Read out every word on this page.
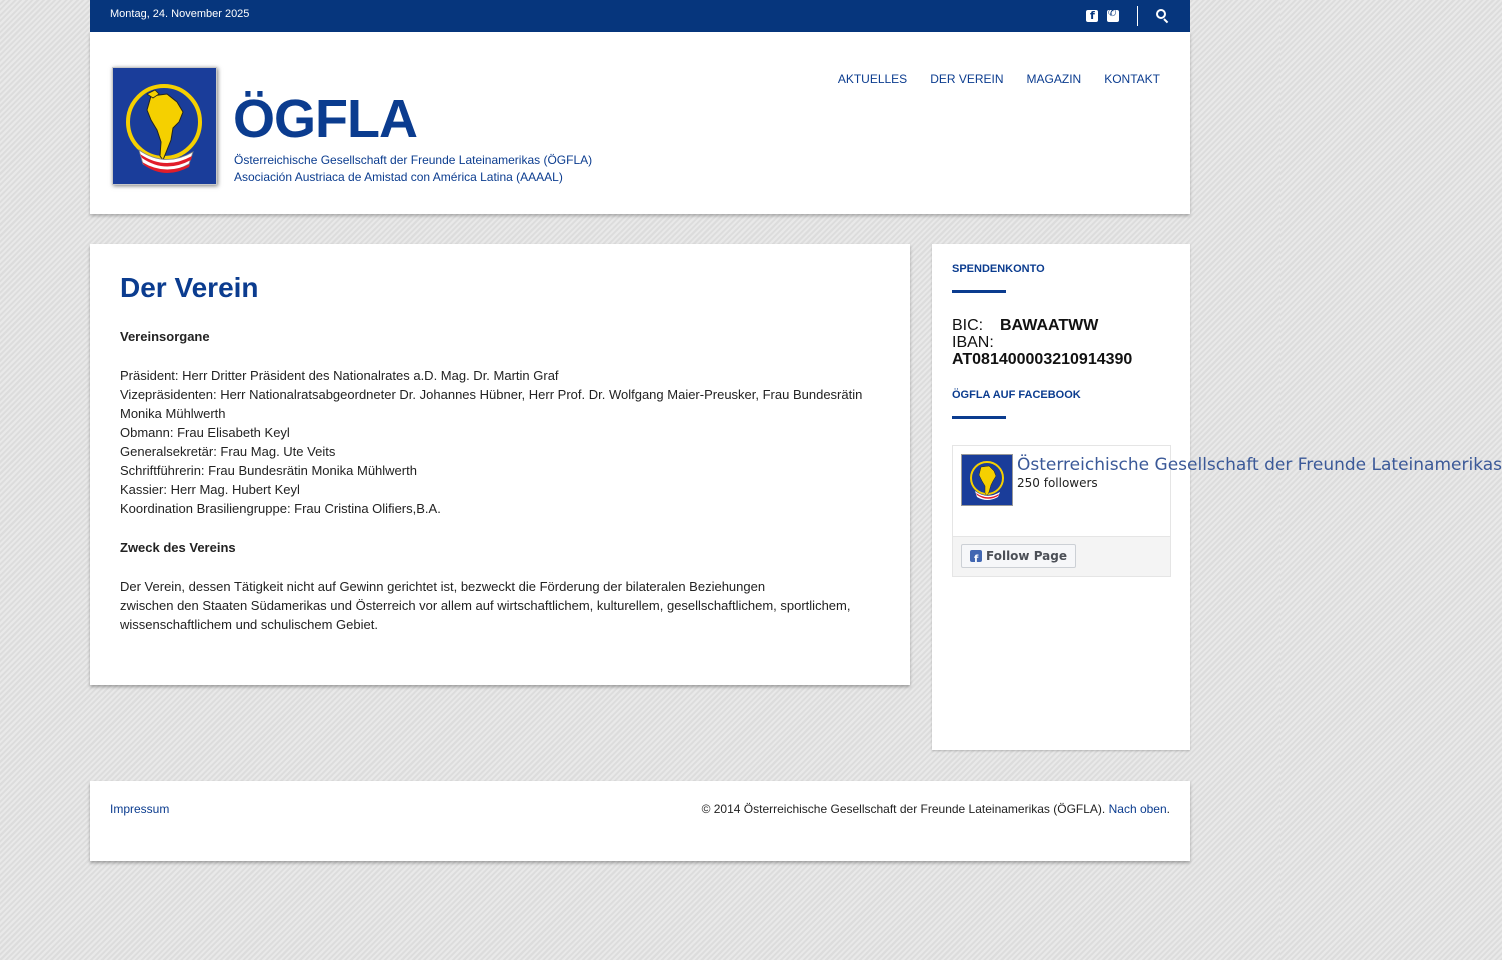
Montag, 24. November 2025
f
✆
ÖGFLA
Österreichische Gesellschaft der Freunde Lateinamerikas (ÖGFLA)
Asociación Austriaca de Amistad con América Latina (AAAAL)
AKTUELLES DER VEREIN MAGAZIN KONTAKT
Der Verein
Vereinsorgane
Präsident: Herr Dritter Präsident des Nationalrates a.D. Mag. Dr. Martin Graf
Vizepräsidenten: Herr Nationalratsabgeordneter Dr. Johannes Hübner, Herr Prof. Dr. Wolfgang Maier-Preusker, Frau Bundesrätin Monika Mühlwerth
Obmann: Frau Elisabeth Keyl
Generalsekretär: Frau Mag. Ute Veits
Schriftführerin: Frau Bundesrätin Monika Mühlwerth
Kassier: Herr Mag. Hubert Keyl
Koordination Brasiliengruppe: Frau Cristina Olifiers,B.A.
Zweck des Vereins
Der Verein, dessen Tätigkeit nicht auf Gewinn gerichtet ist, bezweckt die Förderung der bilateralen Beziehungen
zwischen den Staaten Südamerikas und Österreich vor allem auf wirtschaftlichem, kulturellem, gesellschaftlichem, sportlichem, wissenschaftlichem und schulischem Gebiet.
SPENDENKONTO
BIC: BAWAATWW
IBAN:
AT081400003210914390
ÖGFLA AUF FACEBOOK
Österreichische Gesellschaft der Freunde Lateinamerikas
250 followers
f
Follow Page
Impressum	© 2014 Österreichische Gesellschaft der Freunde Lateinamerikas (ÖGFLA). Nach oben.
